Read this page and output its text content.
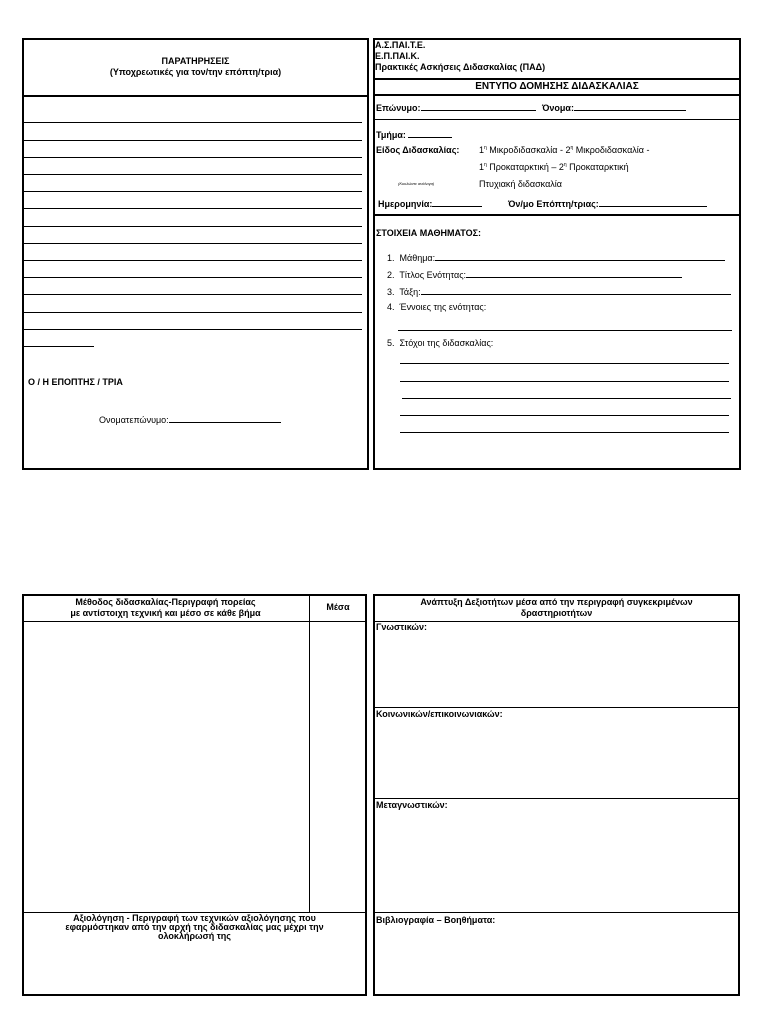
ΠΑΡΑΤΗΡΗΣΕΙΣ
(Υποχρεωτικές για τον/την επόπτη/τρια)
Ο / Η ΕΠΟΠΤΗΣ / ΤΡΙΑ
Ονοματεπώνυμο:
Α.Σ.ΠΑΙ.Τ.Ε.
Ε.Π.ΠΑΙ.Κ.
Πρακτικές Ασκήσεις Διδασκαλίας (ΠΑΔ)
ΕΝΤΥΠΟ ΔΟΜΗΣΗΣ ΔΙΔΑΣΚΑΛΙΑΣ
Επώνυμο:	Όνομα:
Τμήμα:
Είδος Διδασκαλίας: $1^\eta$ Μικροδιδασκαλία - $2^\eta$ Μικροδιδασκαλία -
$1^\eta$ Προκαταρκτική – $2^\eta$ Προκαταρκτική
(Κυκλώστε ανάλογα)	Πτυχιακή διδασκαλία
Ημερομηνία:	Όν/μο Επόπτη/τριας:
ΣΤΟΙΧΕΙΑ ΜΑΘΗΜΑΤΟΣ:
1. Μάθημα:
2. Τίτλος Ενότητας:
3. Τάξη:
4. Έννοιες της ενότητας:
5. Στόχοι της διδασκαλίας:
Μέθοδος διδασκαλίας-Περιγραφή πορείας
με αντίστοιχη τεχνική και μέσο σε κάθε βήμα
Μέσα
Αξιολόγηση - Περιγραφή των τεχνικών αξιολόγησης που
εφαρμόστηκαν από την αρχή της διδασκαλίας μας μέχρι την
ολοκλήρωσή της
Ανάπτυξη Δεξιοτήτων μέσα από την περιγραφή συγκεκριμένων
δραστηριοτήτων
Γνωστικών:
Κοινωνικών/επικοινωνιακών:
Μεταγνωστικών:
Βιβλιογραφία – Βοηθήματα:
